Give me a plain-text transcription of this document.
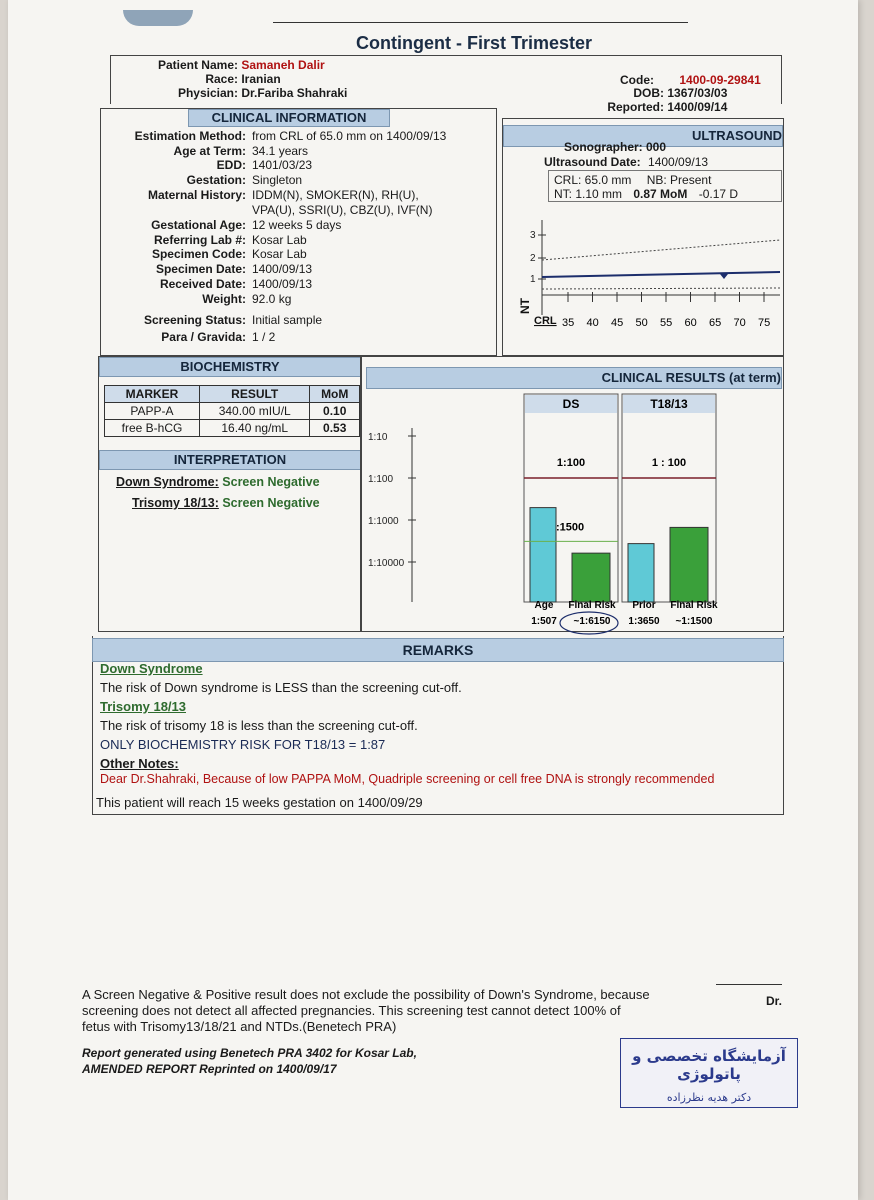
Contingent - First Trimester
Patient Name: Samaneh Dalir
Race: Iranian
Physician: Dr.Fariba Shahraki
Code: 1400-09-29841
DOB: 1367/03/03
Reported: 1400/09/14
CLINICAL INFORMATION
Estimation Method: from CRL of 65.0 mm on 1400/09/13
Age at Term: 34.1 years
EDD: 1401/03/23
Gestation: Singleton
Maternal History: IDDM(N), SMOKER(N), RH(U),
VPA(U), SSRI(U), CBZ(U), IVF(N)
Gestational Age: 12 weeks 5 days
Referring Lab #: Kosar Lab
Specimen Code: Kosar Lab
Specimen Date: 1400/09/13
Received Date: 1400/09/13
Weight: 92.0 kg
Screening Status: Initial sample
Para / Gravida: 1 / 2
ULTRASOUND
Sonographer: 000
Ultrasound Date: 1400/09/13
CRL: 65.0 mm NB: Present
NT: 1.10 mm 0.87 MoM -0.17 D
3
2
1
35 40 45 50 55 60 65 70 75
NT
CRL
BIOCHEMISTRY
MARKER	RESULT	MoM
PAPP-A	340.00 mIU/L	0.10
free B-hCG	16.40 ng/mL	0.53
INTERPRETATION
Down Syndrome: Screen Negative
Trisomy 18/13: Screen Negative
CLINICAL RESULTS (at term)
1:10
1:100
1:1000
1:10000
DS
1:100
T18/13
1 : 100
:1500
Age
1:507
Final Risk
~1:6150
Prior
1:3650
Final Risk
~1:1500
REMARKS
Down Syndrome
The risk of Down syndrome is LESS than the screening cut-off.
Trisomy 18/13
The risk of trisomy 18 is less than the screening cut-off.
ONLY BIOCHEMISTRY RISK FOR T18/13 = 1:87
Other Notes:
Dear Dr.Shahraki, Because of low PAPPA MoM, Quadriple screening or cell free DNA is strongly recommended
This patient will reach 15 weeks gestation on 1400/09/29
A Screen Negative & Positive result does not exclude the possibility of Down's Syndrome, because
screening does not detect all affected pregnancies. This screening test cannot detect 100% of
fetus with Trisomy13/18/21 and NTDs.(Benetech PRA)
Dr.
Report generated using Benetech PRA 3402 for Kosar Lab,
AMENDED REPORT Reprinted on 1400/09/17
آزمایشگاه تخصصی و پاتولوژی
دکتر هدیه نظرزاده
